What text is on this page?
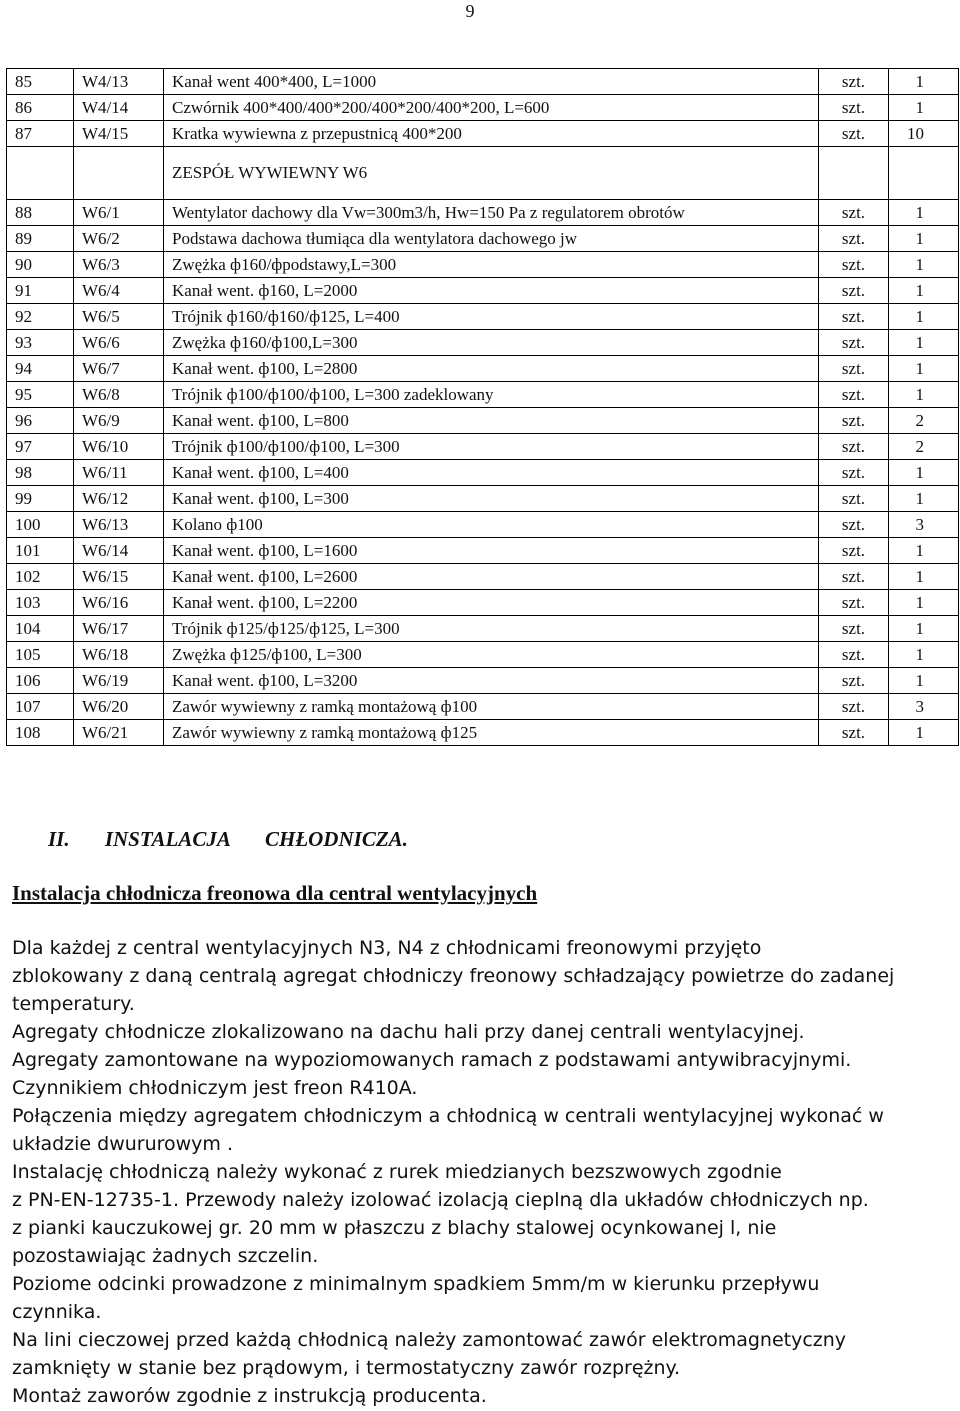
9
85	W4/13	Kanał went 400*400, L=1000	szt.	1
86	W4/14	Czwórnik 400*400/400*200/400*200/400*200, L=600	szt.	1
87	W4/15	Kratka wywiewna z przepustnicą 400*200	szt.	10
		ZESPÓŁ WYWIEWNY W6		
88	W6/1	Wentylator dachowy dla Vw=300m3/h, Hw=150 Pa z regulatorem obrotów	szt.	1
89	W6/2	Podstawa dachowa tłumiąca dla wentylatora dachowego jw	szt.	1
90	W6/3	Zwężka ф160/фpodstawy,L=300	szt.	1
91	W6/4	Kanał went. ф160, L=2000	szt.	1
92	W6/5	Trójnik ф160/ф160/ф125, L=400	szt.	1
93	W6/6	Zwężka ф160/ф100,L=300	szt.	1
94	W6/7	Kanał went. ф100, L=2800	szt.	1
95	W6/8	Trójnik ф100/ф100/ф100, L=300 zadeklowany	szt.	1
96	W6/9	Kanał went. ф100, L=800	szt.	2
97	W6/10	Trójnik ф100/ф100/ф100, L=300	szt.	2
98	W6/11	Kanał went. ф100, L=400	szt.	1
99	W6/12	Kanał went. ф100, L=300	szt.	1
100	W6/13	Kolano ф100	szt.	3
101	W6/14	Kanał went. ф100, L=1600	szt.	1
102	W6/15	Kanał went. ф100, L=2600	szt.	1
103	W6/16	Kanał went. ф100, L=2200	szt.	1
104	W6/17	Trójnik ф125/ф125/ф125, L=300	szt.	1
105	W6/18	Zwężka ф125/ф100, L=300	szt.	1
106	W6/19	Kanał went. ф100, L=3200	szt.	1
107	W6/20	Zawór wywiewny z ramką montażową ф100	szt.	3
108	W6/21	Zawór wywiewny z ramką montażową ф125	szt.	1
II. INSTALACJA CHŁODNICZA.
Instalacja chłodnicza freonowa dla central wentylacyjnych

Dla każdej z central wentylacyjnych N3, N4 z chłodnicami freonowymi przyjęto

zblokowany z daną centralą agregat chłodniczy freonowy schładzający powietrze do zadanej

temperatury.

Agregaty chłodnicze zlokalizowano na dachu hali przy danej centrali wentylacyjnej.

Agregaty zamontowane na wypoziomowanych ramach z podstawami antywibracyjnymi.

Czynnikiem chłodniczym jest freon R410A.

Połączenia między agregatem chłodniczym a chłodnicą w centrali wentylacyjnej wykonać w

układzie dwururowym .

Instalację chłodniczą należy wykonać z rurek miedzianych bezszwowych zgodnie

z PN-EN-12735-1. Przewody należy izolować izolacją cieplną dla układów chłodniczych np.

z pianki kauczukowej gr. 20 mm w płaszczu z blachy stalowej ocynkowanej l, nie

pozostawiając żadnych szczelin.

Poziome odcinki prowadzone z minimalnym spadkiem 5mm/m w kierunku przepływu

czynnika.

Na lini cieczowej przed każdą chłodnicą należy zamontować zawór elektromagnetyczny

zamknięty w stanie bez prądowym, i termostatyczny zawór rozprężny.

Montaż zaworów zgodnie z instrukcją producenta.
